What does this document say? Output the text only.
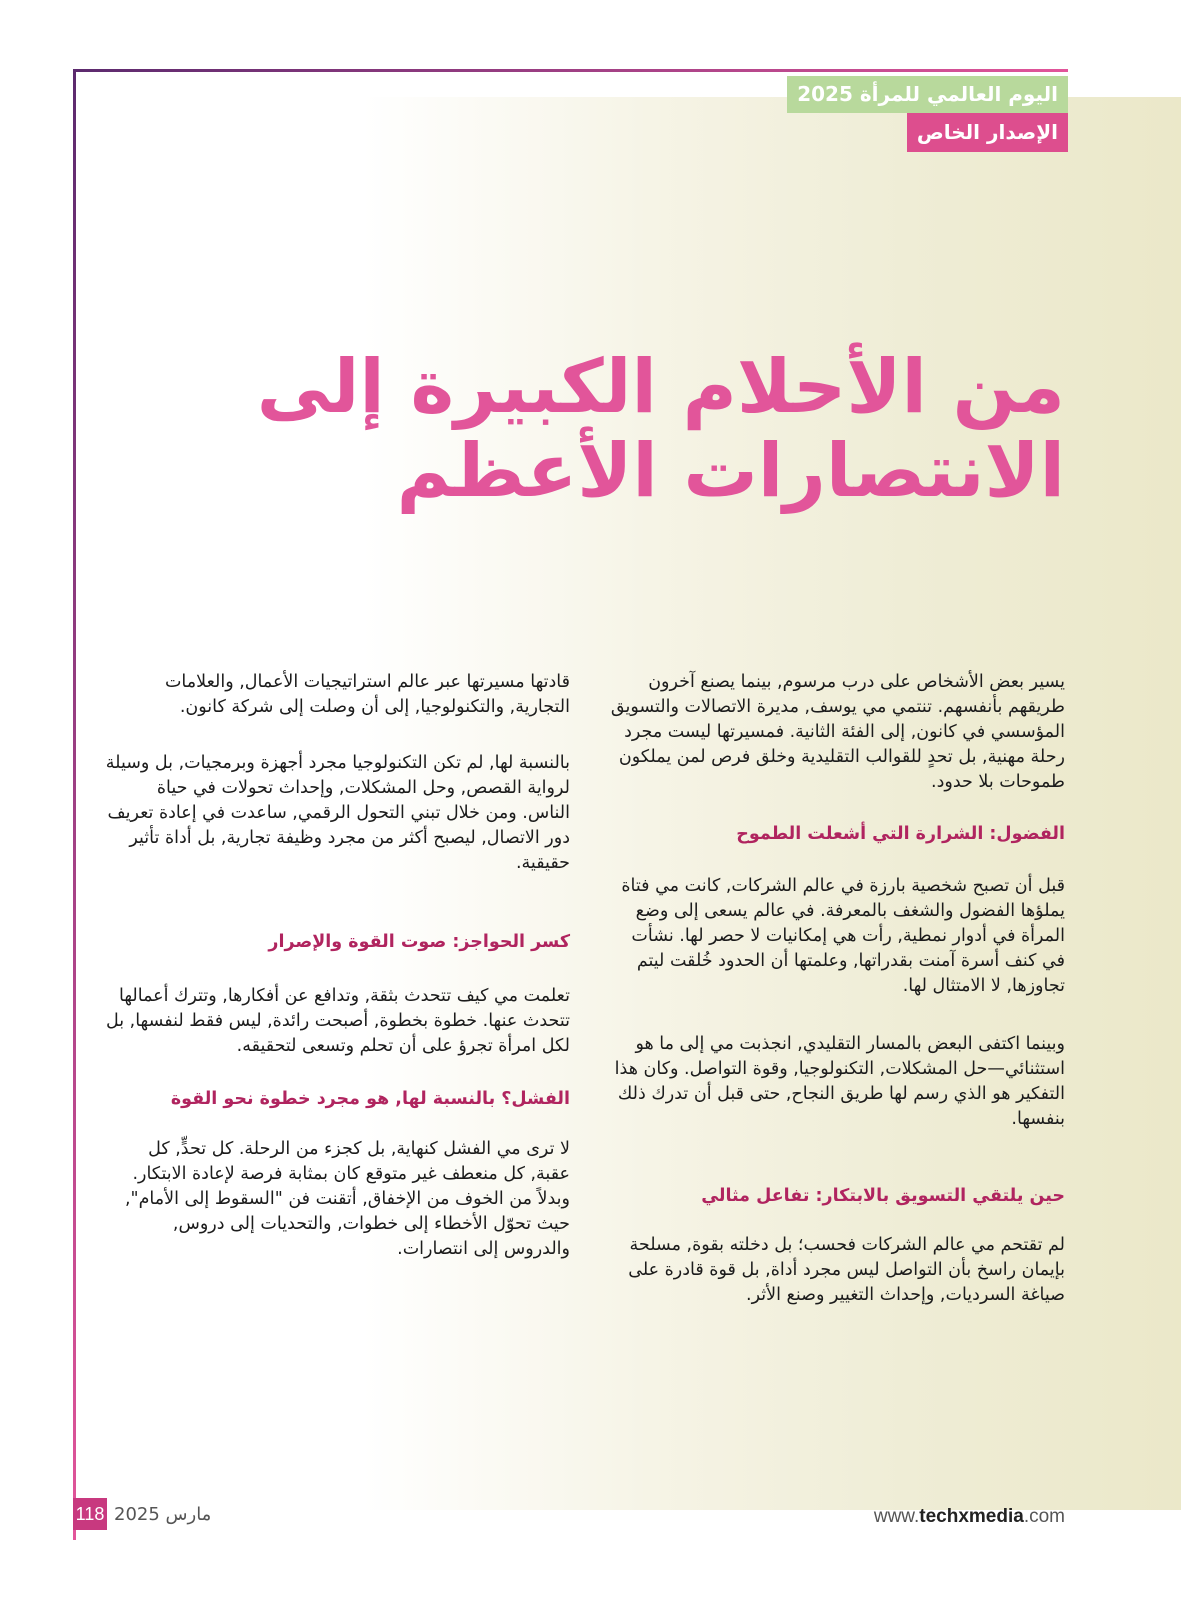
اليوم العالمي للمرأة 2025
الإصدار الخاص
من الأحلام الكبيرة إلى
الانتصارات الأعظم

يسير بعض الأشخاص على درب مرسوم, بينما يصنع آخرون طريقهم بأنفسهم. تنتمي مي يوسف, مديرة الاتصالات والتسويق المؤسسي في كانون, إلى الفئة الثانية. فمسيرتها ليست مجرد رحلة مهنية, بل تحدٍ للقوالب التقليدية وخلق فرص لمن يملكون طموحات بلا حدود.

الفضول: الشرارة التي أشعلت الطموح

قبل أن تصبح شخصية بارزة في عالم الشركات, كانت مي فتاة يملؤها الفضول والشغف بالمعرفة. في عالم يسعى إلى وضع المرأة في أدوار نمطية, رأت هي إمكانيات لا حصر لها. نشأت في كنف أسرة آمنت بقدراتها, وعلمتها أن الحدود خُلقت ليتم تجاوزها, لا الامتثال لها.

وبينما اكتفى البعض بالمسار التقليدي, انجذبت مي إلى ما هو استثنائي—حل المشكلات, التكنولوجيا, وقوة التواصل. وكان هذا التفكير هو الذي رسم لها طريق النجاح, حتى قبل أن تدرك ذلك بنفسها.

حين يلتقي التسويق بالابتكار: تفاعل مثالي

لم تقتحم مي عالم الشركات فحسب؛ بل دخلته بقوة, مسلحة بإيمان راسخ بأن التواصل ليس مجرد أداة, بل قوة قادرة على صياغة السرديات, وإحداث التغيير وصنع الأثر.

قادتها مسيرتها عبر عالم استراتيجيات الأعمال, والعلامات التجارية, والتكنولوجيا, إلى أن وصلت إلى شركة كانون.

بالنسبة لها, لم تكن التكنولوجيا مجرد أجهزة وبرمجيات, بل وسيلة لرواية القصص, وحل المشكلات, وإحداث تحولات في حياة الناس. ومن خلال تبني التحول الرقمي, ساعدت في إعادة تعريف دور الاتصال, ليصبح أكثر من مجرد وظيفة تجارية, بل أداة تأثير حقيقية.

كسر الحواجز: صوت القوة والإصرار

تعلمت مي كيف تتحدث بثقة, وتدافع عن أفكارها, وتترك أعمالها تتحدث عنها. خطوة بخطوة, أصبحت رائدة, ليس فقط لنفسها, بل لكل امرأة تجرؤ على أن تحلم وتسعى لتحقيقه.

الفشل؟ بالنسبة لها, هو مجرد خطوة نحو القوة

لا ترى مي الفشل كنهاية, بل كجزء من الرحلة. كل تحدٍّ, كل عقبة, كل منعطف غير متوقع كان بمثابة فرصة لإعادة الابتكار. وبدلاً من الخوف من الإخفاق, أتقنت فن "السقوط إلى الأمام", حيث تحوّل الأخطاء إلى خطوات, والتحديات إلى دروس, والدروس إلى انتصارات.

118 مارس 2025	www.techxmedia.com
